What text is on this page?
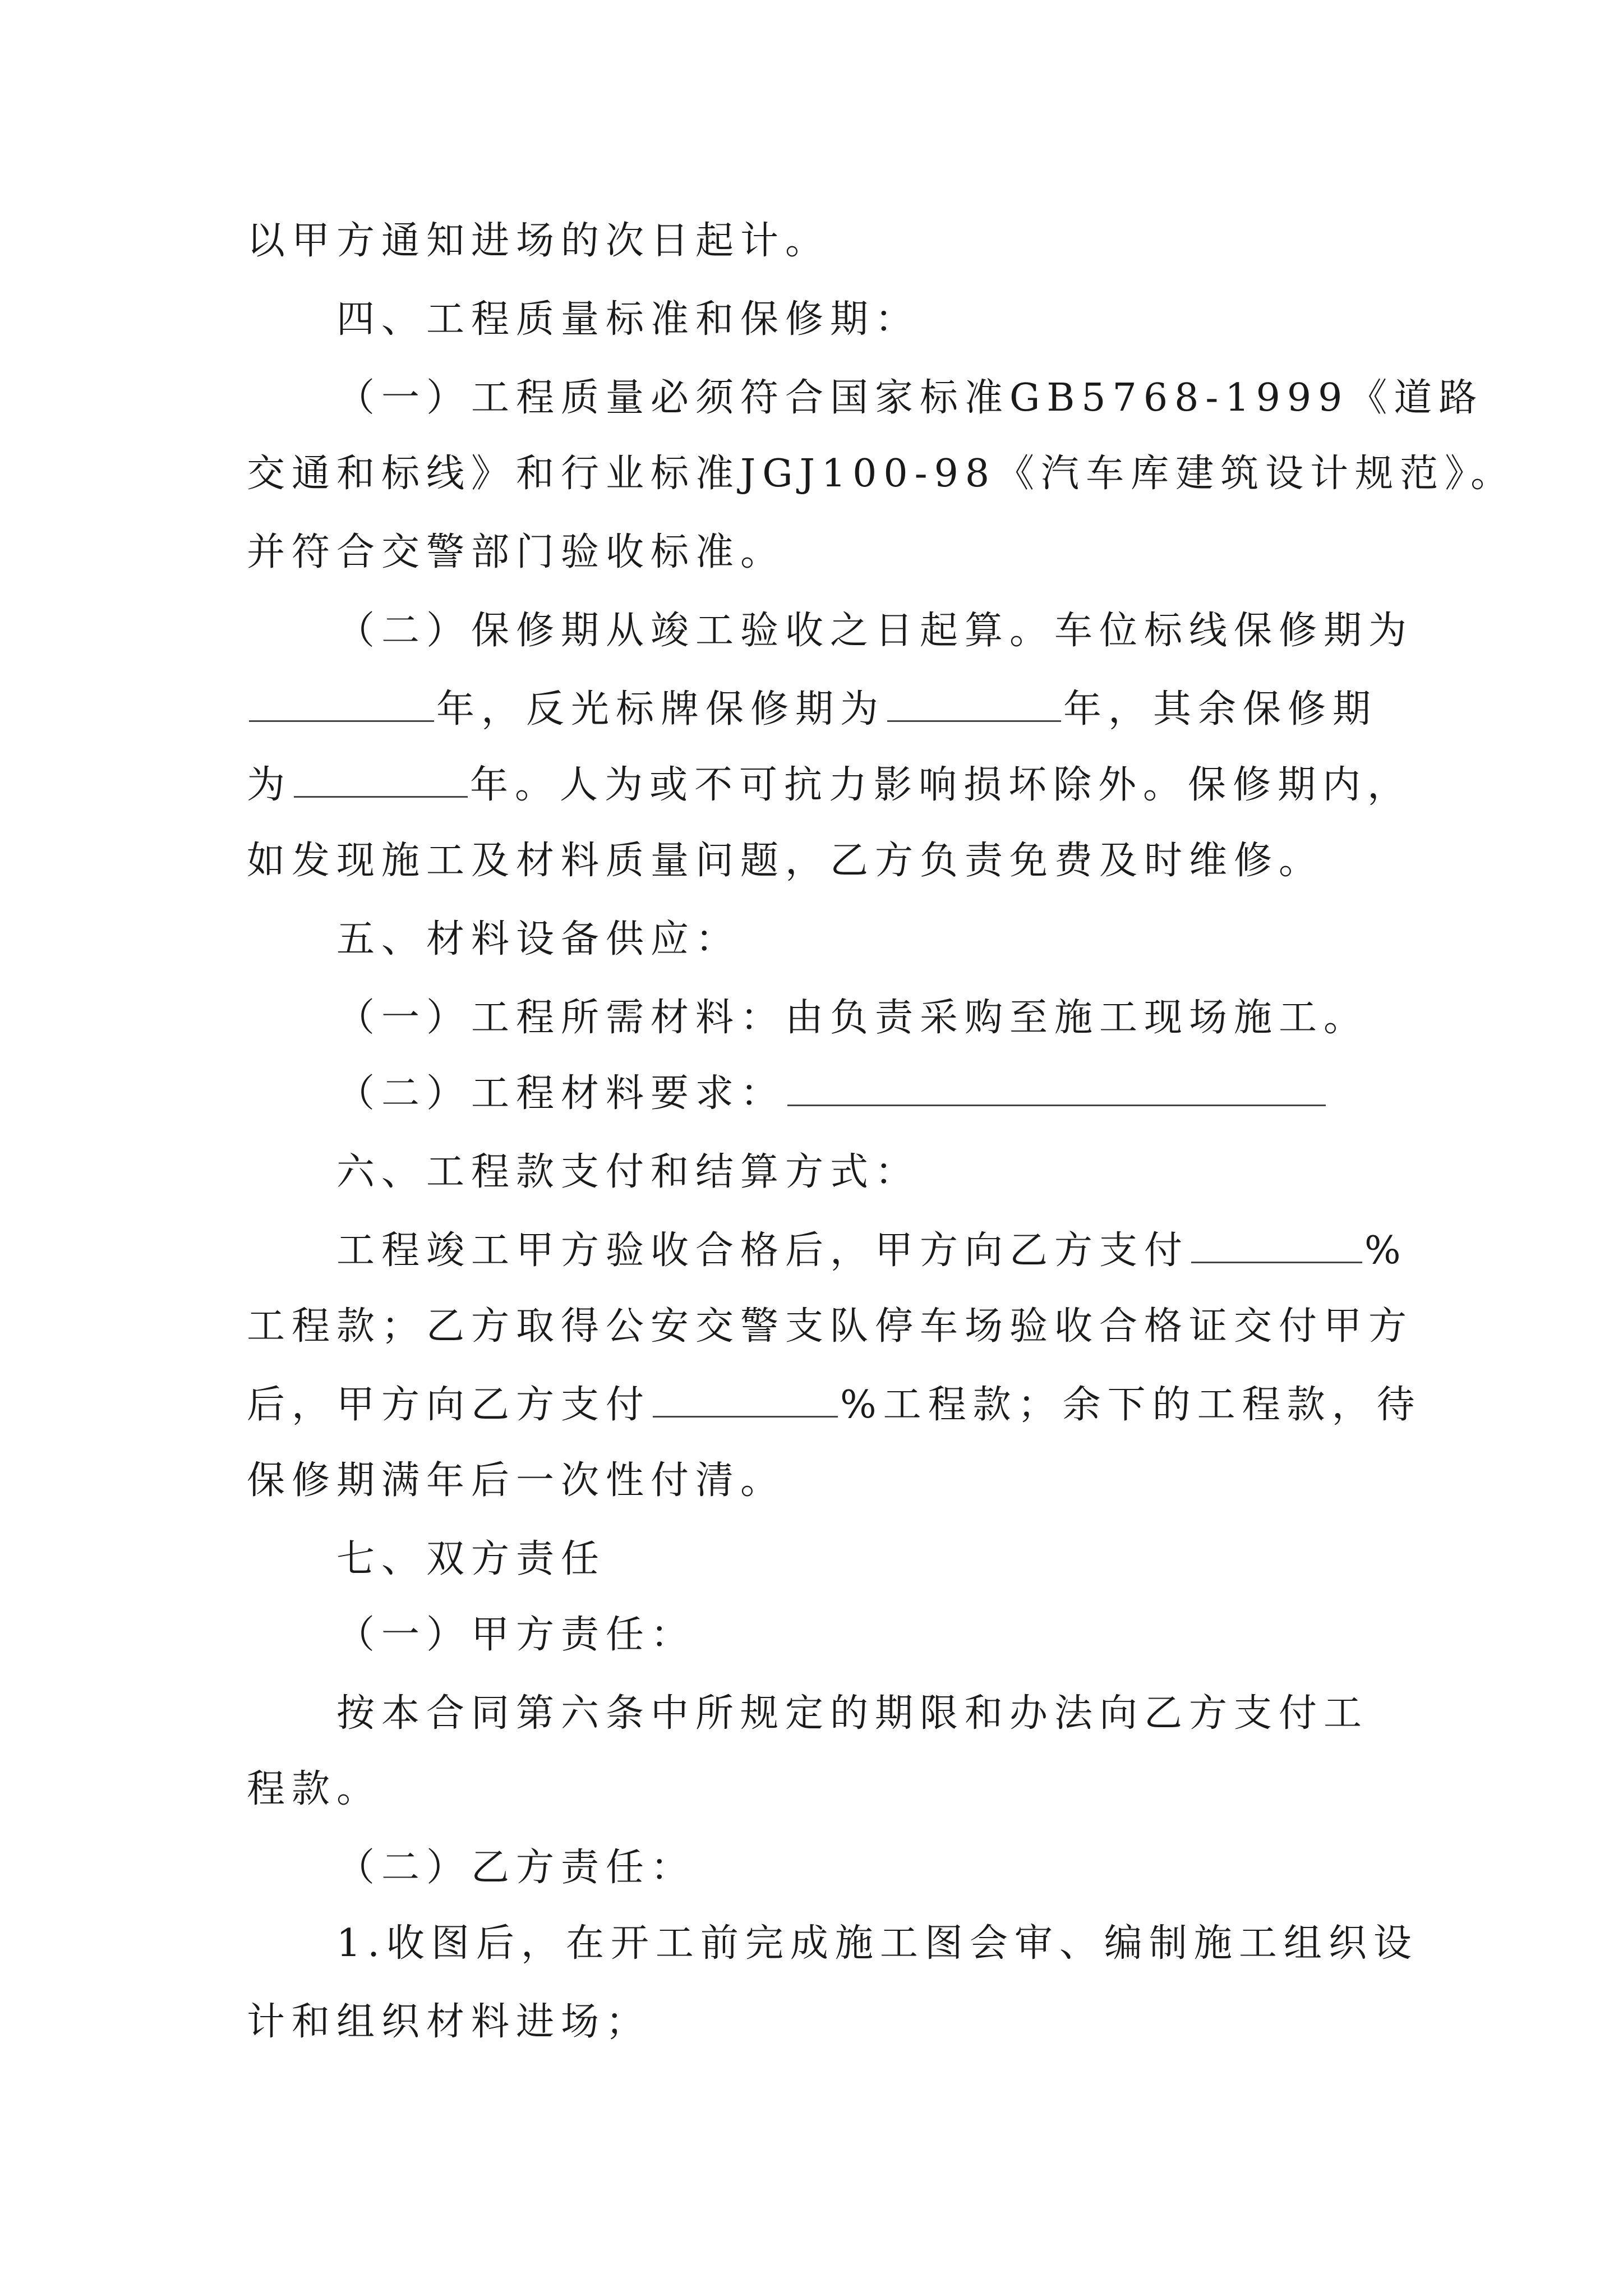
以甲方通知进场的次日起计。
四、工程质量标准和保修期：
（一）工程质量必须符合国家标准GB5768-1999《道路
交通和标线》和行业标准JGJ100-98《汽车库建筑设计规范》。
并符合交警部门验收标准。
（二）保修期从竣工验收之日起算。车位标线保修期为
年，反光标牌保修期为	年，其余保修期
为	年。人为或不可抗力影响损坏除外。保修期内，
如发现施工及材料质量问题，乙方负责免费及时维修。
五、材料设备供应：
（一）工程所需材料：由负责采购至施工现场施工。
（二）工程材料要求：
六、工程款支付和结算方式：
工程竣工甲方验收合格后，甲方向乙方支付	%
工程款；乙方取得公安交警支队停车场验收合格证交付甲方
后，甲方向乙方支付	%工程款；余下的工程款，待
保修期满年后一次性付清。
七、双方责任
（一）甲方责任：
按本合同第六条中所规定的期限和办法向乙方支付工
程款。
（二）乙方责任：
1.收图后，在开工前完成施工图会审、编制施工组织设
计和组织材料进场；
